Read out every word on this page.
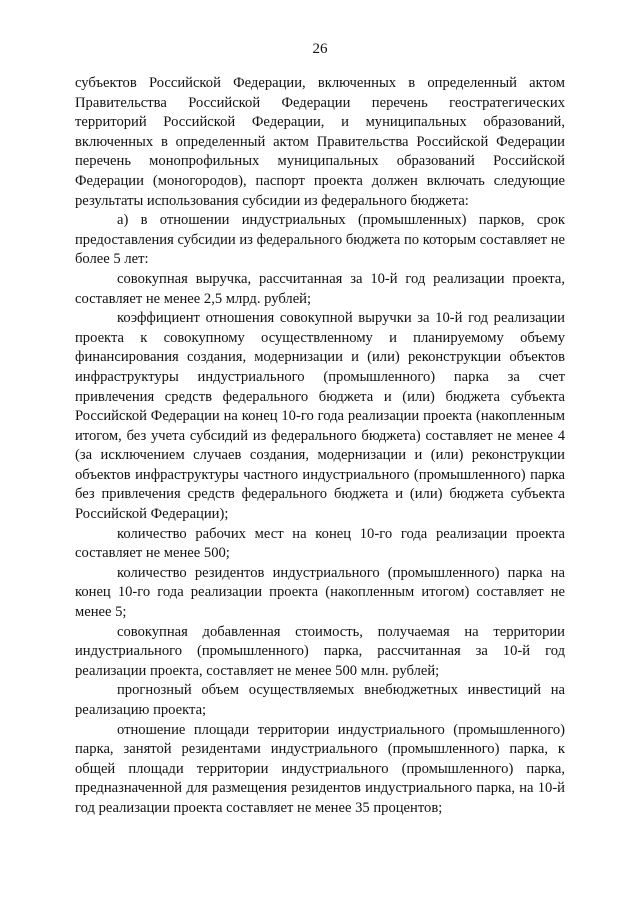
26

субъектов Российской Федерации, включенных в определенный актом Правительства Российской Федерации перечень геостратегических территорий Российской Федерации, и муниципальных образований, включенных в определенный актом Правительства Российской Федерации перечень монопрофильных муниципальных образований Российской Федерации (моногородов), паспорт проекта должен включать следующие результаты использования субсидии из федерального бюджета:

а) в отношении индустриальных (промышленных) парков, срок предоставления субсидии из федерального бюджета по которым составляет не более 5 лет:

совокупная выручка, рассчитанная за 10-й год реализации проекта, составляет не менее 2,5 млрд. рублей;

коэффициент отношения совокупной выручки за 10-й год реализации проекта к совокупному осуществленному и планируемому объему финансирования создания, модернизации и (или) реконструкции объектов инфраструктуры индустриального (промышленного) парка за счет привлечения средств федерального бюджета и (или) бюджета субъекта Российской Федерации на конец 10-го года реализации проекта (накопленным итогом, без учета субсидий из федерального бюджета) составляет не менее 4 (за исключением случаев создания, модернизации и (или) реконструкции объектов инфраструктуры частного индустриального (промышленного) парка без привлечения средств федерального бюджета и (или) бюджета субъекта Российской Федерации);

количество рабочих мест на конец 10-го года реализации проекта составляет не менее 500;

количество резидентов индустриального (промышленного) парка на конец 10-го года реализации проекта (накопленным итогом) составляет не менее 5;

совокупная добавленная стоимость, получаемая на территории индустриального (промышленного) парка, рассчитанная за 10-й год реализации проекта, составляет не менее 500 млн. рублей;

прогнозный объем осуществляемых внебюджетных инвестиций на реализацию проекта;

отношение площади территории индустриального (промышленного) парка, занятой резидентами индустриального (промышленного) парка, к общей площади территории индустриального (промышленного) парка, предназначенной для размещения резидентов индустриального парка, на 10-й год реализации проекта составляет не менее 35 процентов;
